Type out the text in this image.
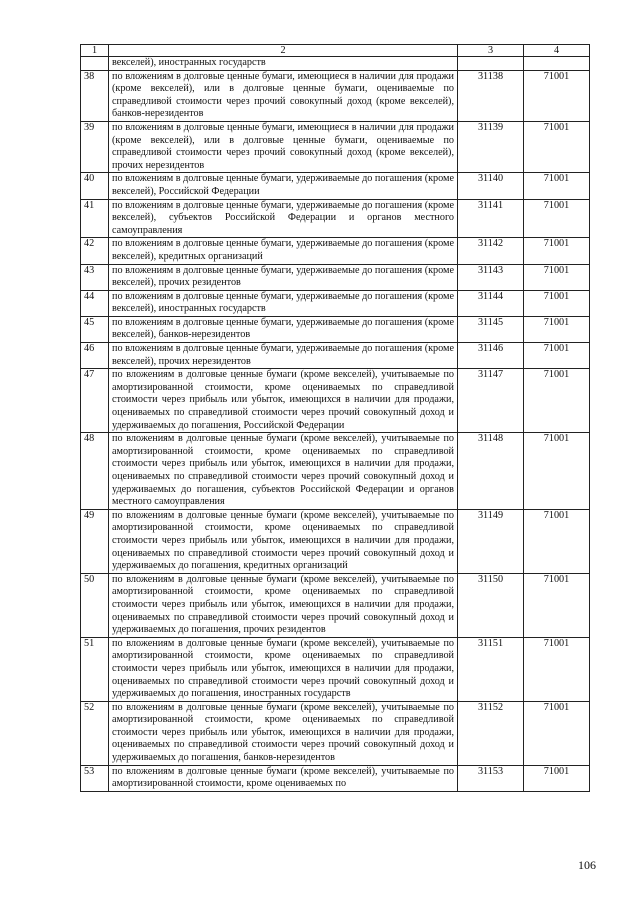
1	2	3	4
	векселей), иностранных государств		
38	по вложениям в долговые ценные бумаги, имеющиеся в наличии для продажи (кроме векселей), или в долговые ценные бумаги, оцениваемые по справедливой стоимости через прочий совокупный доход (кроме векселей), банков-нерезидентов	31138	71001
39	по вложениям в долговые ценные бумаги, имеющиеся в наличии для продажи (кроме векселей), или в долговые ценные бумаги, оцениваемые по справедливой стоимости через прочий совокупный доход (кроме векселей), прочих нерезидентов	31139	71001
40	по вложениям в долговые ценные бумаги, удерживаемые до погашения (кроме векселей), Российской Федерации	31140	71001
41	по вложениям в долговые ценные бумаги, удерживаемые до погашения (кроме векселей), субъектов Российской Федерации и органов местного самоуправления	31141	71001
42	по вложениям в долговые ценные бумаги, удерживаемые до погашения (кроме векселей), кредитных организаций	31142	71001
43	по вложениям в долговые ценные бумаги, удерживаемые до погашения (кроме векселей), прочих резидентов	31143	71001
44	по вложениям в долговые ценные бумаги, удерживаемые до погашения (кроме векселей), иностранных государств	31144	71001
45	по вложениям в долговые ценные бумаги, удерживаемые до погашения (кроме векселей), банков-нерезидентов	31145	71001
46	по вложениям в долговые ценные бумаги, удерживаемые до погашения (кроме векселей), прочих нерезидентов	31146	71001
47	по вложениям в долговые ценные бумаги (кроме векселей), учитываемые по амортизированной стоимости, кроме оцениваемых по справедливой стоимости через прибыль или убыток, имеющихся в наличии для продажи, оцениваемых по справедливой стоимости через прочий совокупный доход и удерживаемых до погашения, Российской Федерации	31147	71001
48	по вложениям в долговые ценные бумаги (кроме векселей), учитываемые по амортизированной стоимости, кроме оцениваемых по справедливой стоимости через прибыль или убыток, имеющихся в наличии для продажи, оцениваемых по справедливой стоимости через прочий совокупный доход и удерживаемых до погашения, субъектов Российской Федерации и органов местного самоуправления	31148	71001
49	по вложениям в долговые ценные бумаги (кроме векселей), учитываемые по амортизированной стоимости, кроме оцениваемых по справедливой стоимости через прибыль или убыток, имеющихся в наличии для продажи, оцениваемых по справедливой стоимости через прочий совокупный доход и удерживаемых до погашения, кредитных организаций	31149	71001
50	по вложениям в долговые ценные бумаги (кроме векселей), учитываемые по амортизированной стоимости, кроме оцениваемых по справедливой стоимости через прибыль или убыток, имеющихся в наличии для продажи, оцениваемых по справедливой стоимости через прочий совокупный доход и удерживаемых до погашения, прочих резидентов	31150	71001
51	по вложениям в долговые ценные бумаги (кроме векселей), учитываемые по амортизированной стоимости, кроме оцениваемых по справедливой стоимости через прибыль или убыток, имеющихся в наличии для продажи, оцениваемых по справедливой стоимости через прочий совокупный доход и удерживаемых до погашения, иностранных государств	31151	71001
52	по вложениям в долговые ценные бумаги (кроме векселей), учитываемые по амортизированной стоимости, кроме оцениваемых по справедливой стоимости через прибыль или убыток, имеющихся в наличии для продажи, оцениваемых по справедливой стоимости через прочий совокупный доход и удерживаемых до погашения, банков-нерезидентов	31152	71001
53	по вложениям в долговые ценные бумаги (кроме векселей), учитываемые по амортизированной стоимости, кроме оцениваемых по	31153	71001
106
